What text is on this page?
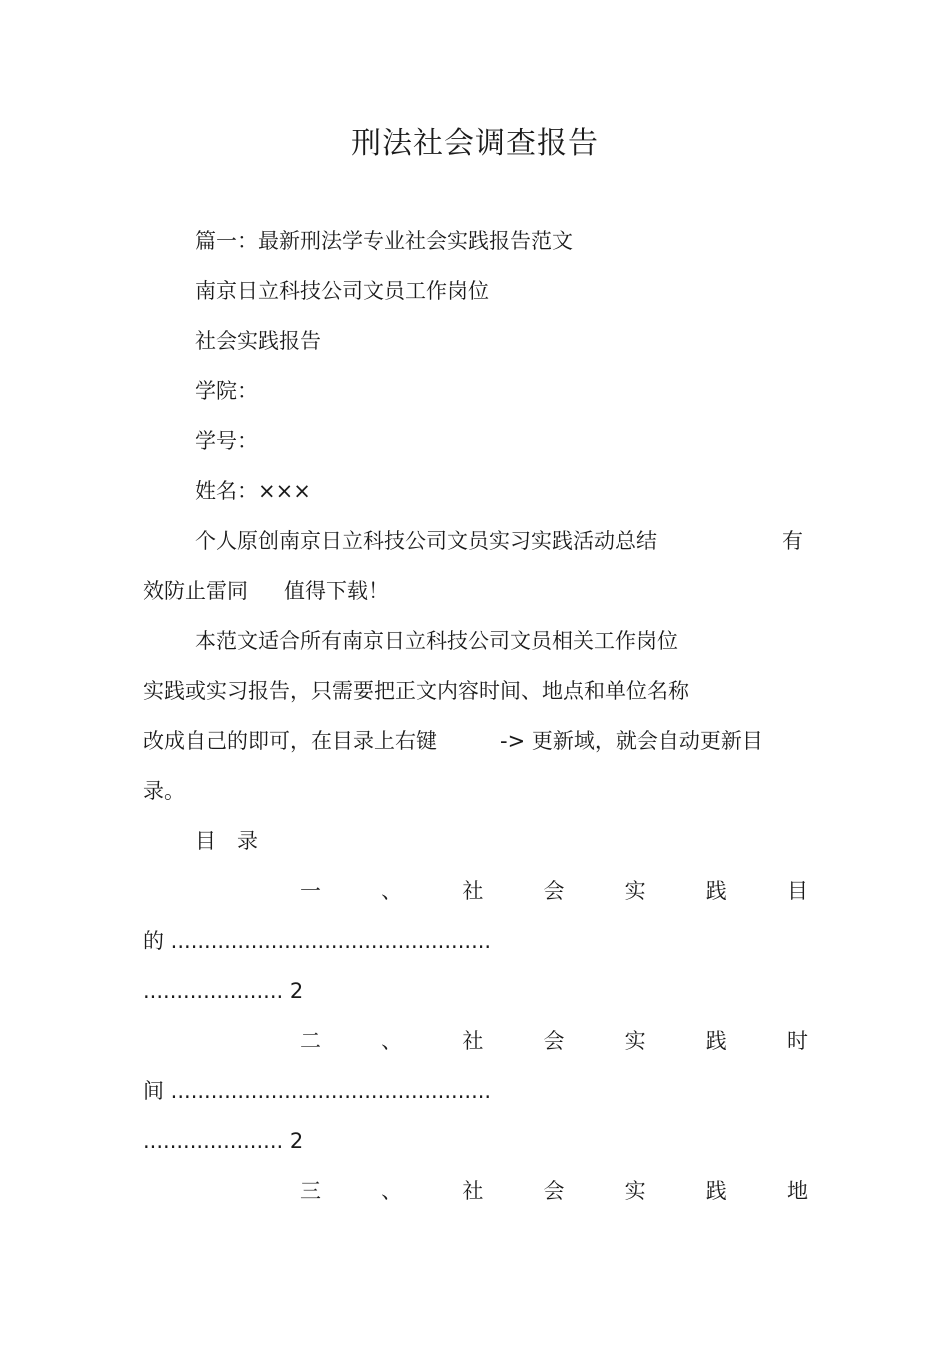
刑法社会调查报告
篇一：最新刑法学专业社会实践报告范文
南京日立科技公司文员工作岗位
社会实践报告
学院：
学号：
姓名：×××
个人原创南京日立科技公司文员实习实践活动总结	有
效防止雷同 值得下载！
本范文适合所有南京日立科技公司文员相关工作岗位
实践或实习报告，只需要把正文内容时间、地点和单位名称
改成自己的即可，在目录上右键	-> 更新域，就会自动更新目
录。
目　录
一	、	社	会	实	践	目
的 ................................................
..................... 2
二	、	社	会	实	践	时
间 ................................................
..................... 2
三	、	社	会	实	践	地
